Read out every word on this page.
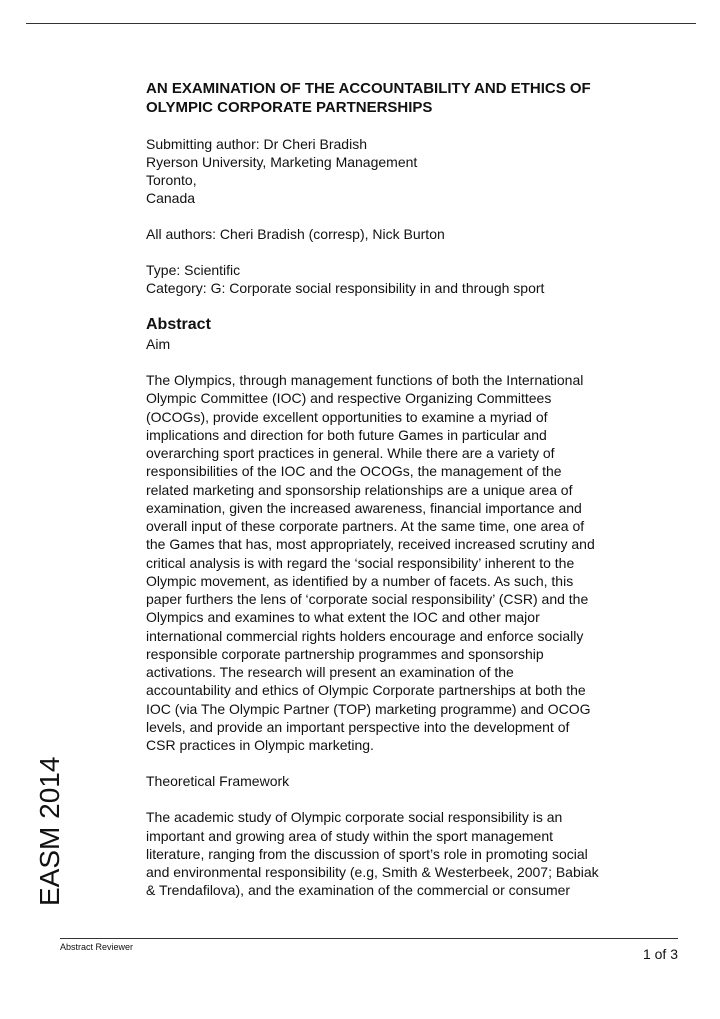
AN EXAMINATION OF THE ACCOUNTABILITY AND ETHICS OF
OLYMPIC CORPORATE PARTNERSHIPS
Submitting author: Dr Cheri Bradish
Ryerson University, Marketing Management
Toronto,
Canada
All authors: Cheri Bradish (corresp), Nick Burton
Type: Scientific
Category: G: Corporate social responsibility in and through sport
Abstract
Aim
The Olympics, through management functions of both the International
Olympic Committee (IOC) and respective Organizing Committees
(OCOGs), provide excellent opportunities to examine a myriad of
implications and direction for both future Games in particular and
overarching sport practices in general. While there are a variety of
responsibilities of the IOC and the OCOGs, the management of the
related marketing and sponsorship relationships are a unique area of
examination, given the increased awareness, financial importance and
overall input of these corporate partners. At the same time, one area of
the Games that has, most appropriately, received increased scrutiny and
critical analysis is with regard the ‘social responsibility’ inherent to the
Olympic movement, as identified by a number of facets. As such, this
paper furthers the lens of ‘corporate social responsibility’ (CSR) and the
Olympics and examines to what extent the IOC and other major
international commercial rights holders encourage and enforce socially
responsible corporate partnership programmes and sponsorship
activations. The research will present an examination of the
accountability and ethics of Olympic Corporate partnerships at both the
IOC (via The Olympic Partner (TOP) marketing programme) and OCOG
levels, and provide an important perspective into the development of
CSR practices in Olympic marketing.
Theoretical Framework
The academic study of Olympic corporate social responsibility is an
important and growing area of study within the sport management
literature, ranging from the discussion of sport’s role in promoting social
and environmental responsibility (e.g, Smith & Westerbeek, 2007; Babiak
& Trendafilova), and the examination of the commercial or consumer
EASM 2014
Abstract Reviewer	1 of 3
